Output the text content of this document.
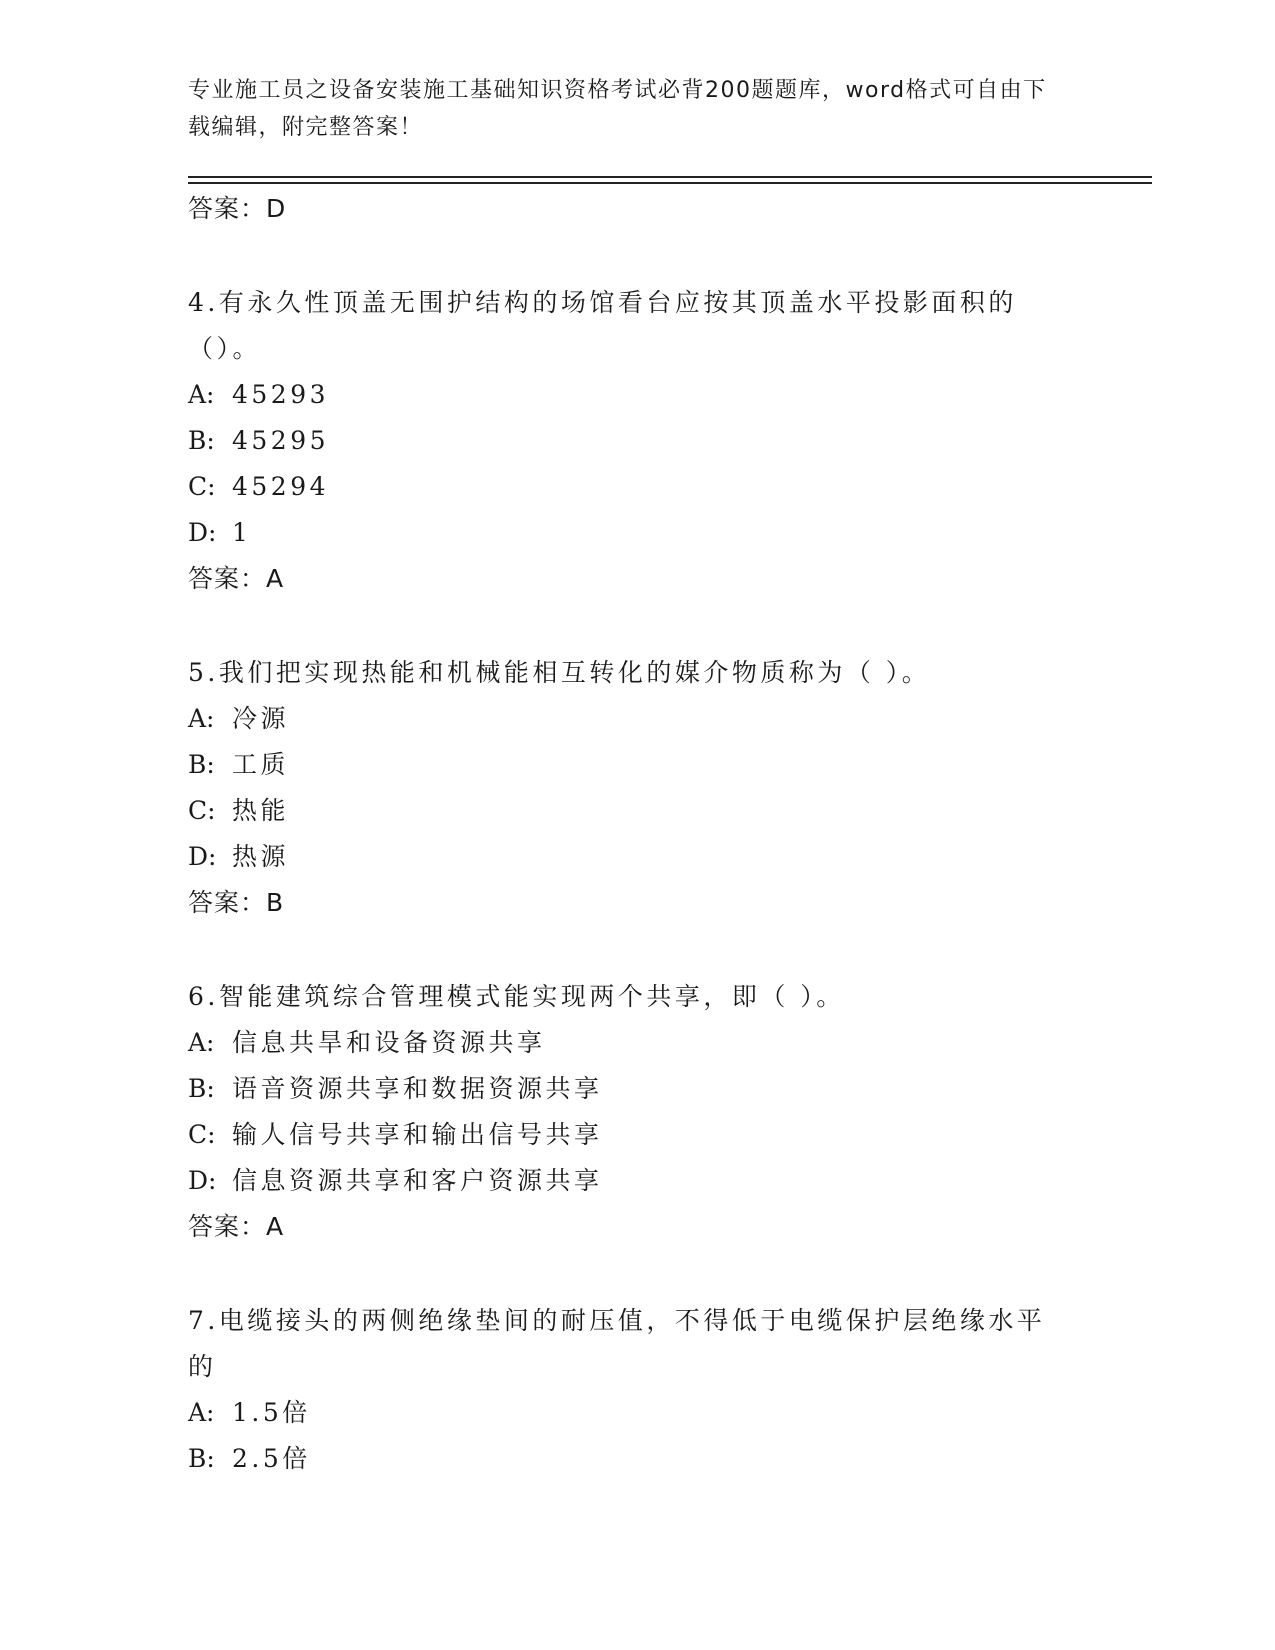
专业施工员之设备安装施工基础知识资格考试必背200题题库，word格式可自由下载编辑，附完整答案！
答案：D
4.有永久性顶盖无围护结构的场馆看台应按其顶盖水平投影面积的（）。
A: 45293
B: 45295
C: 45294
D: 1
答案：A
5.我们把实现热能和机械能相互转化的媒介物质称为（ ）。
A: 冷源
B: 工质
C: 热能
D: 热源
答案：B
6.智能建筑综合管理模式能实现两个共享，即（ ）。
A: 信息共旱和设备资源共享
B: 语音资源共享和数据资源共享
C: 输人信号共享和输出信号共享
D: 信息资源共享和客户资源共享
答案：A
7.电缆接头的两侧绝缘垫间的耐压值，不得低于电缆保护层绝缘水平的
A: 1.5倍
B: 2.5倍
